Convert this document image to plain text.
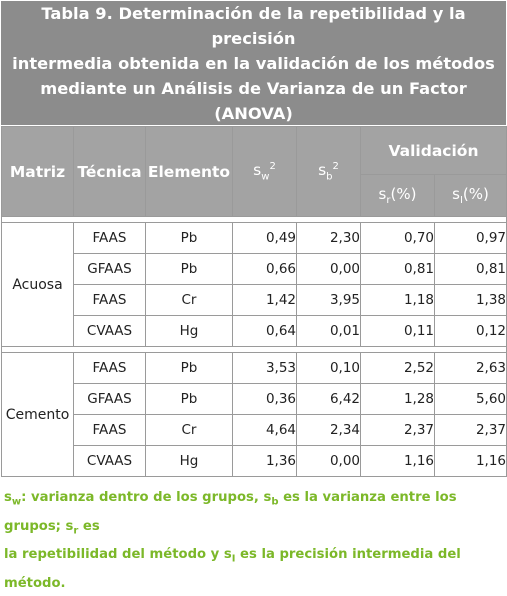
Tabla 9. Determinación de la repetibilidad y la precisión
intermedia obtenida en la validación de los métodos
mediante un Análisis de Varianza de un Factor (ANOVA)
Matriz	Técnica	Elemento	$s_w^2$	$s_b^2$	Validación	
					$s_r(\%)$	$s_I(\%)$

Acuosa	FAAS	Pb	0,49	2,30	0,70	0,97
	GFAAS	Pb	0,66	0,00	0,81	0,81
	FAAS	Cr	1,42	3,95	1,18	1,38
	CVAAS	Hg	0,64	0,01	0,11	0,12

Cemento	FAAS	Pb	3,53	0,10	2,52	2,63
	GFAAS	Pb	0,36	6,42	1,28	5,60
	FAAS	Cr	4,64	2,34	2,37	2,37
	CVAAS	Hg	1,36	0,00	1,16	1,16
$s_w$: varianza dentro de los grupos, $s_b$ es la varianza entre los grupos; $s_r$ es
la repetibilidad del método y $s_I$ es la precisión intermedia del método.
